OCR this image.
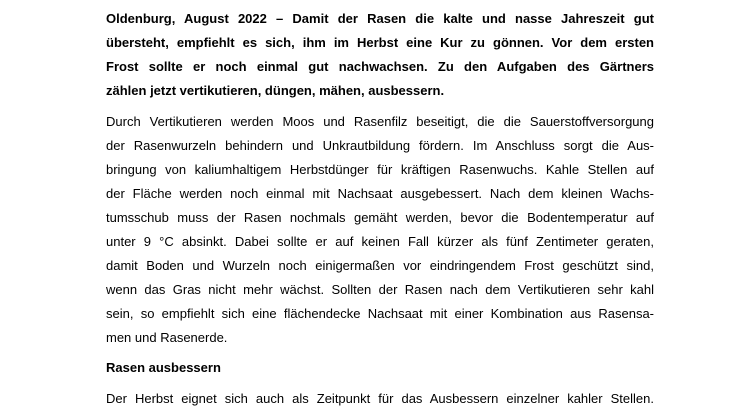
Oldenburg, August 2022 – Damit der Rasen die kalte und nasse Jahreszeit gut
übersteht, empfiehlt es sich, ihm im Herbst eine Kur zu gönnen. Vor dem ersten
Frost sollte er noch einmal gut nachwachsen. Zu den Aufgaben des Gärtners
zählen jetzt vertikutieren, düngen, mähen, ausbessern.
Durch Vertikutieren werden Moos und Rasenfilz beseitigt, die die Sauerstoffversorgung
der Rasenwurzeln behindern und Unkrautbildung fördern. Im Anschluss sorgt die Aus-
bringung von kaliumhaltigem Herbstdünger für kräftigen Rasenwuchs. Kahle Stellen auf
der Fläche werden noch einmal mit Nachsaat ausgebessert. Nach dem kleinen Wachs-
tumsschub muss der Rasen nochmals gemäht werden, bevor die Bodentemperatur auf
unter 9 °C absinkt. Dabei sollte er auf keinen Fall kürzer als fünf Zentimeter geraten,
damit Boden und Wurzeln noch einigermaßen vor eindringendem Frost geschützt sind,
wenn das Gras nicht mehr wächst. Sollten der Rasen nach dem Vertikutieren sehr kahl
sein, so empfiehlt sich eine flächendecke Nachsaat mit einer Kombination aus Rasensa-
men und Rasenerde.
Rasen ausbessern
Der Herbst eignet sich auch als Zeitpunkt für das Ausbessern einzelner kahler Stellen.
